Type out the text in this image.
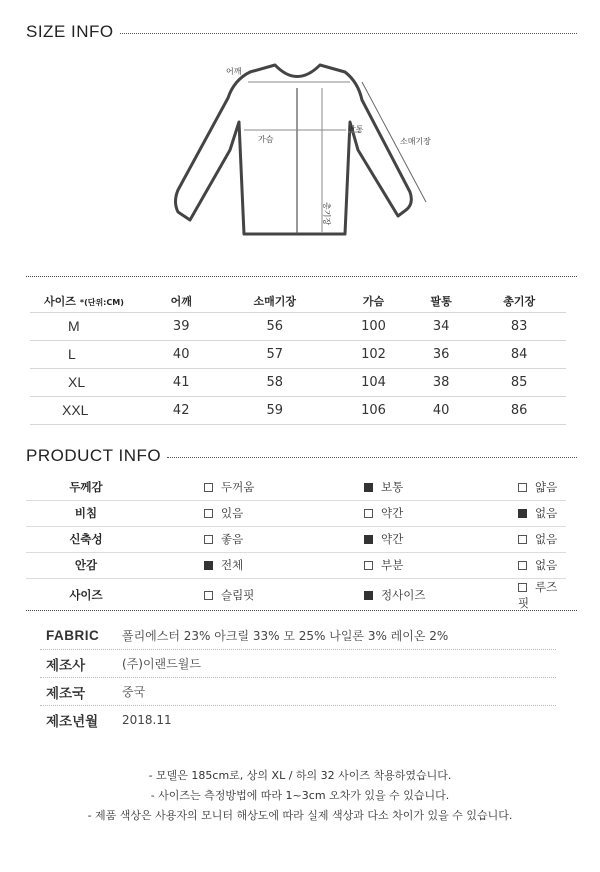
SIZE INFO
어깨
가슴
팔통
소매기장
총기장
사이즈 *(단위:CM)	어깨	소매기장	가슴	팔통	총기장
M	39	56	100	34	83
L	40	57	102	36	84
XL	41	58	104	38	85
XXL	42	59	106	40	86
PRODUCT INFO
두께감	두꺼움	보통	얇음
비침	있음	약간	없음
신축성	좋음	약간	없음
안감	전체	부분	없음
사이즈	슬림핏	정사이즈	루즈핏
FABRIC	폴리에스터 23% 아크릴 33% 모 25% 나일론 3% 레이온 2%
제조사	(주)이랜드월드
제조국	중국
제조년월	2018.11

- 모델은 185cm로, 상의 XL / 하의 32 사이즈 착용하였습니다.

- 사이즈는 측정방법에 따라 1~3cm 오차가 있을 수 있습니다.

- 제품 색상은 사용자의 모니터 해상도에 따라 실제 색상과 다소 차이가 있을 수 있습니다.
